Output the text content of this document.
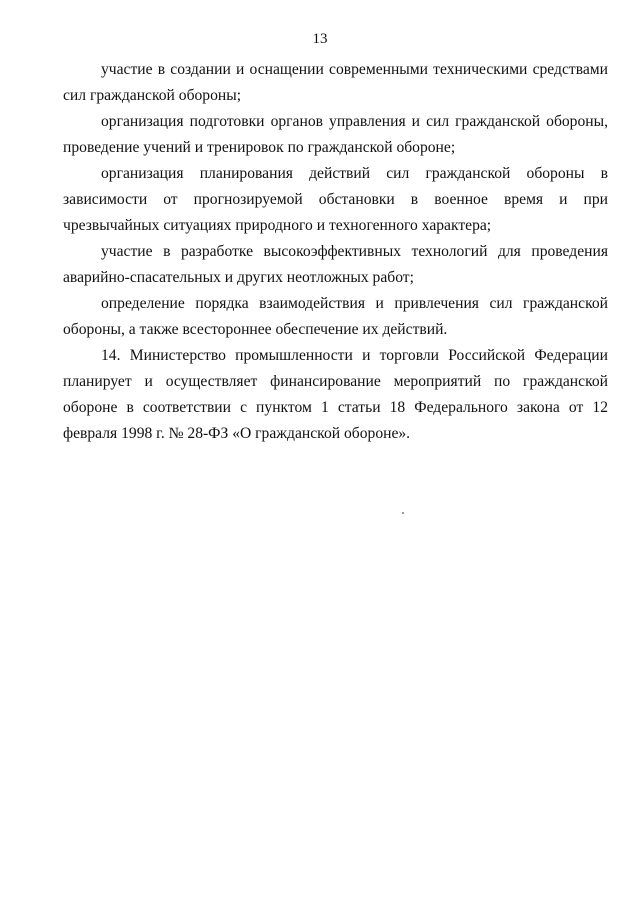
13

участие в создании и оснащении современными техническими средствами сил гражданской обороны;

организация подготовки органов управления и сил гражданской обороны, проведение учений и тренировок по гражданской обороне;

организация планирования действий сил гражданской обороны в зависимости от прогнозируемой обстановки в военное время и при чрезвычайных ситуациях природного и техногенного характера;

участие в разработке высокоэффективных технологий для проведения аварийно-спасательных и других неотложных работ;

определение порядка взаимодействия и привлечения сил гражданской обороны, а также всестороннее обеспечение их действий.

14. Министерство промышленности и торговли Российской Федерации планирует и осуществляет финансирование мероприятий по гражданской обороне в соответствии с пунктом 1 статьи 18 Федерального закона от 12 февраля 1998 г. № 28-ФЗ «О гражданской обороне».
